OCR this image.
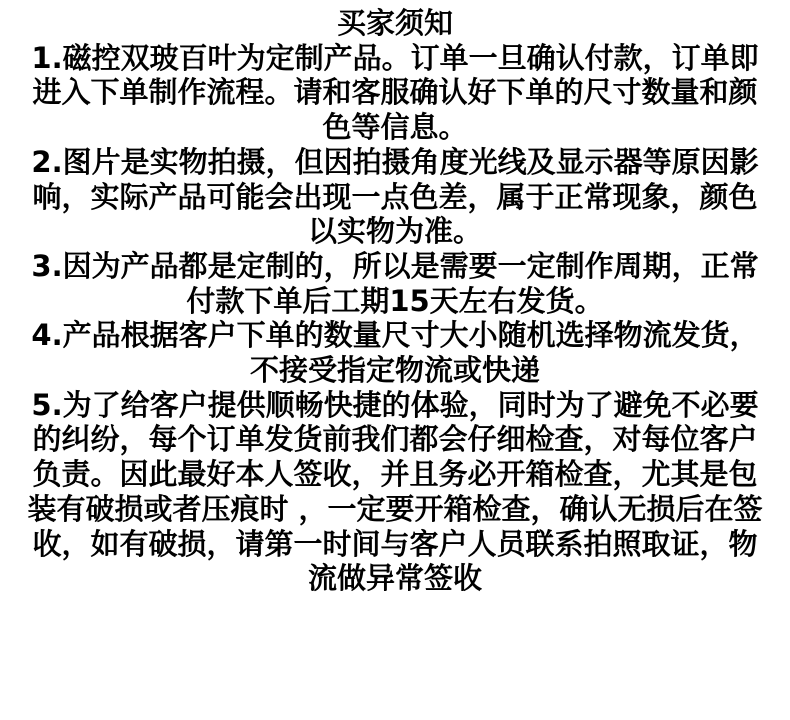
买家须知

1.磁控双玻百叶为定制产品。订单一旦确认付款，订单即进入下单制作流程。请和客服确认好下单的尺寸数量和颜色等信息。

2.图片是实物拍摄，但因拍摄角度光线及显示器等原因影响，实际产品可能会出现一点色差，属于正常现象，颜色以实物为准。

3.因为产品都是定制的，所以是需要一定制作周期，正常付款下单后工期15天左右发货。

4.产品根据客户下单的数量尺寸大小随机选择物流发货，不接受指定物流或快递

5.为了给客户提供顺畅快捷的体验，同时为了避免不必要的纠纷，每个订单发货前我们都会仔细检查，对每位客户负责。因此最好本人签收，并且务必开箱检查，尤其是包装有破损或者压痕时 ，一定要开箱检查，确认无损后在签收，如有破损，请第一时间与客户人员联系拍照取证，物流做异常签收
